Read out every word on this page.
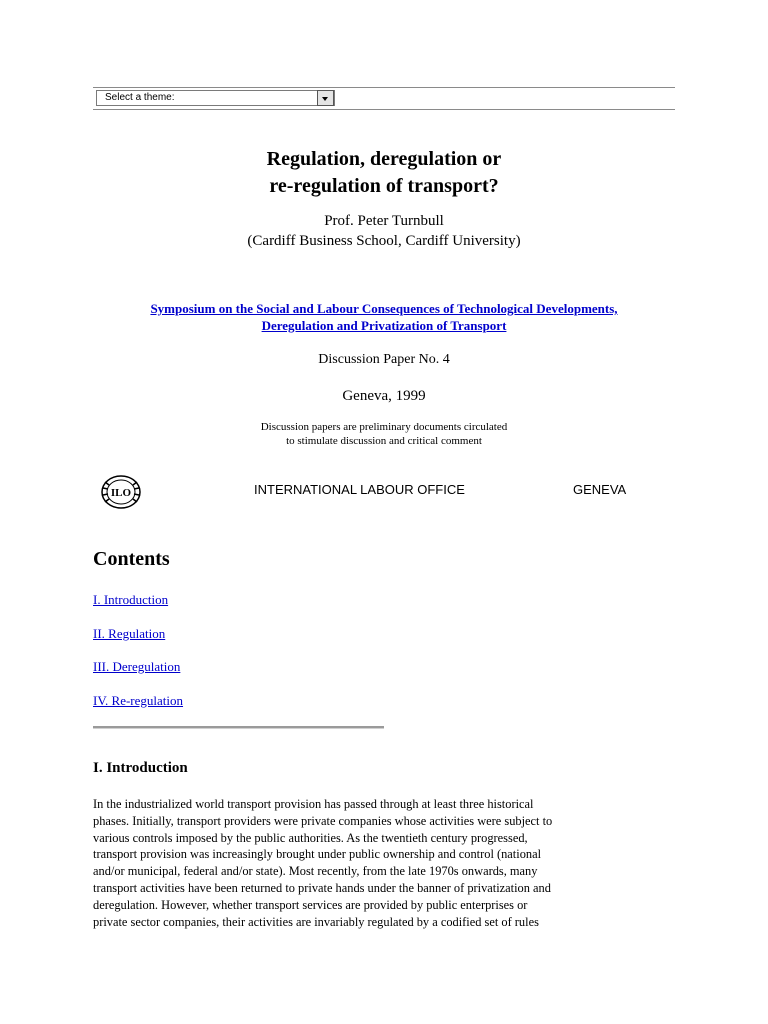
Select a theme:
Regulation, deregulation or
re-regulation of transport?
Prof. Peter Turnbull
(Cardiff Business School, Cardiff University)
Symposium on the Social and Labour Consequences of Technological Developments,
Deregulation and Privatization of Transport
Discussion Paper No. 4
Geneva, 1999
Discussion papers are preliminary documents circulated
to stimulate discussion and critical comment
ILO	INTERNATIONAL LABOUR OFFICE	GENEVA
Contents
I. Introduction
II. Regulation
III. Deregulation
IV. Re-regulation
I. Introduction
In the industrialized world transport provision has passed through at least three historical
phases. Initially, transport providers were private companies whose activities were subject to
various controls imposed by the public authorities. As the twentieth century progressed,
transport provision was increasingly brought under public ownership and control (national
and/or municipal, federal and/or state). Most recently, from the late 1970s onwards, many
transport activities have been returned to private hands under the banner of privatization and
deregulation. However, whether transport services are provided by public enterprises or
private sector companies, their activities are invariably regulated by a codified set of rules
